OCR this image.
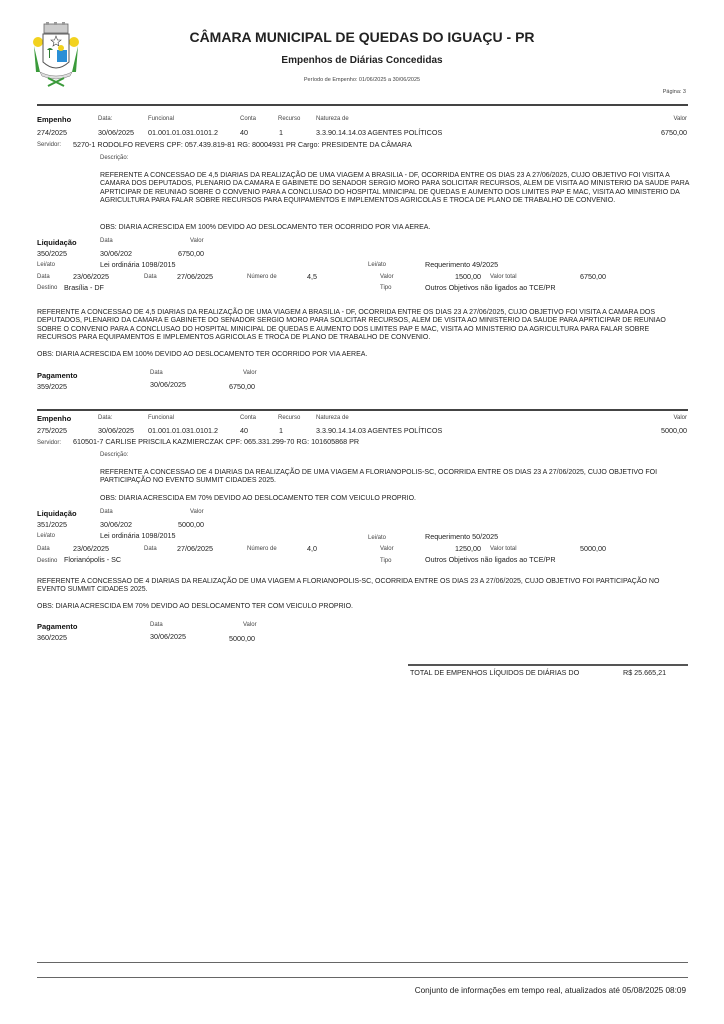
CÂMARA MUNICIPAL DE QUEDAS DO IGUAÇU - PR
Empenhos de Diárias Concedidas
Período de Empenho: 01/06/2025 a 30/06/2025
Página: 3
Empenho	Data:	Funcional	Conta	Recurso	Natureza de	Valor
274/2025	30/06/2025 01.001.01.031.0101.2	40	1	3.3.90.14.14.03 AGENTES POLÍTICOS	6750,00
Servidor: 5270-1 RODOLFO REVERS CPF: 057.439.819-81 RG: 80004931 PR Cargo: PRESIDENTE DA CÂMARA
Descrição:
REFERENTE A CONCESSAO DE 4,5 DIARIAS DA REALIZAÇÃO DE UMA VIAGEM A BRASILIA - DF, OCORRIDA ENTRE OS DIAS 23 A 27/06/2025, CUJO OBJETIVO FOI VISITA A CAMARA DOS DEPUTADOS, PLENARIO DA CAMARA E GABINETE DO SENADOR SERGIO MORO PARA SOLICITAR RECURSOS, ALEM DE VISITA AO MINISTERIO DA SAUDE PARA APRTICIPAR DE REUNIAO SOBRE O CONVENIO PARA A CONCLUSAO DO HOSPITAL MINICIPAL DE QUEDAS E AUMENTO DOS LIMITES PAP E MAC, VISITA AO MINISTERIO DA AGRICULTURA PARA FALAR SOBRE RECURSOS PARA EQUIPAMENTOS E IMPLEMENTOS AGRICOLAS E TROCA DE PLANO DE TRABALHO DE CONVENIO.
OBS: DIARIA ACRESCIDA EM 100% DEVIDO AO DESLOCAMENTO TER OCORRIDO POR VIA AEREA.
Liquidação	Data	Valor
350/2025	30/06/202	6750,00
Lei/ato	Lei ordinária 1098/2015	Lei/ato	Requerimento 49/2025
Data	23/06/2025	Data	27/06/2025	Número de	4,5	Valor	1500,00 Valor total	6750,00
Destino Brasília - DF	Tipo	Outros Objetivos não ligados ao TCE/PR
REFERENTE A CONCESSAO DE 4,5 DIARIAS DA REALIZAÇÃO DE UMA VIAGEM A BRASILIA - DF, OCORRIDA ENTRE OS DIAS 23 A 27/06/2025, CUJO OBJETIVO FOI VISITA A CAMARA DOS DEPUTADOS, PLENARIO DA CAMARA E GABINETE DO SENADOR SERGIO MORO PARA SOLICITAR RECURSOS, ALEM DE VISITA AO MINISTERIO DA SAUDE PARA APRTICIPAR DE REUNIAO SOBRE O CONVENIO PARA A CONCLUSAO DO HOSPITAL MINICIPAL DE QUEDAS E AUMENTO DOS LIMITES PAP E MAC, VISITA AO MINISTERIO DA AGRICULTURA PARA FALAR SOBRE RECURSOS PARA EQUIPAMENTOS E IMPLEMENTOS AGRICOLAS E TROCA DE PLANO DE TRABALHO DE CONVENIO.
OBS: DIARIA ACRESCIDA EM 100% DEVIDO AO DESLOCAMENTO TER OCORRIDO POR VIA AEREA.
Pagamento	Data	Valor
359/2025	30/06/2025	6750,00
Empenho	Data:	Funcional	Conta	Recurso	Natureza de	Valor
275/2025	30/06/2025 01.001.01.031.0101.2	40	1	3.3.90.14.14.03 AGENTES POLÍTICOS	5000,00
Servidor: 610501-7 CARLISE PRISCILA KAZMIERCZAK CPF: 065.331.299-70 RG: 101605868 PR
Descrição:
REFERENTE A CONCESSAO DE 4 DIARIAS DA REALIZAÇÃO DE UMA VIAGEM A FLORIANOPOLIS-SC, OCORRIDA ENTRE OS DIAS 23 A 27/06/2025, CUJO OBJETIVO FOI PARTICIPAÇÃO NO EVENTO SUMMIT CIDADES 2025.
OBS: DIARIA ACRESCIDA EM 70% DEVIDO AO DESLOCAMENTO TER COM VEICULO PROPRIO.
Liquidação	Data	Valor
351/2025	30/06/202	5000,00
Lei/ato	Lei ordinária 1098/2015	Lei/ato	Requerimento 50/2025
Data	23/06/2025	Data	27/06/2025	Número de	4,0	Valor	1250,00 Valor total	5000,00
Destino Florianópolis - SC	Tipo	Outros Objetivos não ligados ao TCE/PR
REFERENTE A CONCESSAO DE 4 DIARIAS DA REALIZAÇÃO DE UMA VIAGEM A FLORIANOPOLIS-SC, OCORRIDA ENTRE OS DIAS 23 A 27/06/2025, CUJO OBJETIVO FOI PARTICIPAÇÃO NO EVENTO SUMMIT CIDADES 2025.
OBS: DIARIA ACRESCIDA EM 70% DEVIDO AO DESLOCAMENTO TER COM VEICULO PROPRIO.
Pagamento	Data	Valor
360/2025	30/06/2025	5000,00
TOTAL DE EMPENHOS LÍQUIDOS DE DIÁRIAS DO	R$ 25.665,21
Conjunto de informações em tempo real, atualizados até 05/08/2025 08:09
